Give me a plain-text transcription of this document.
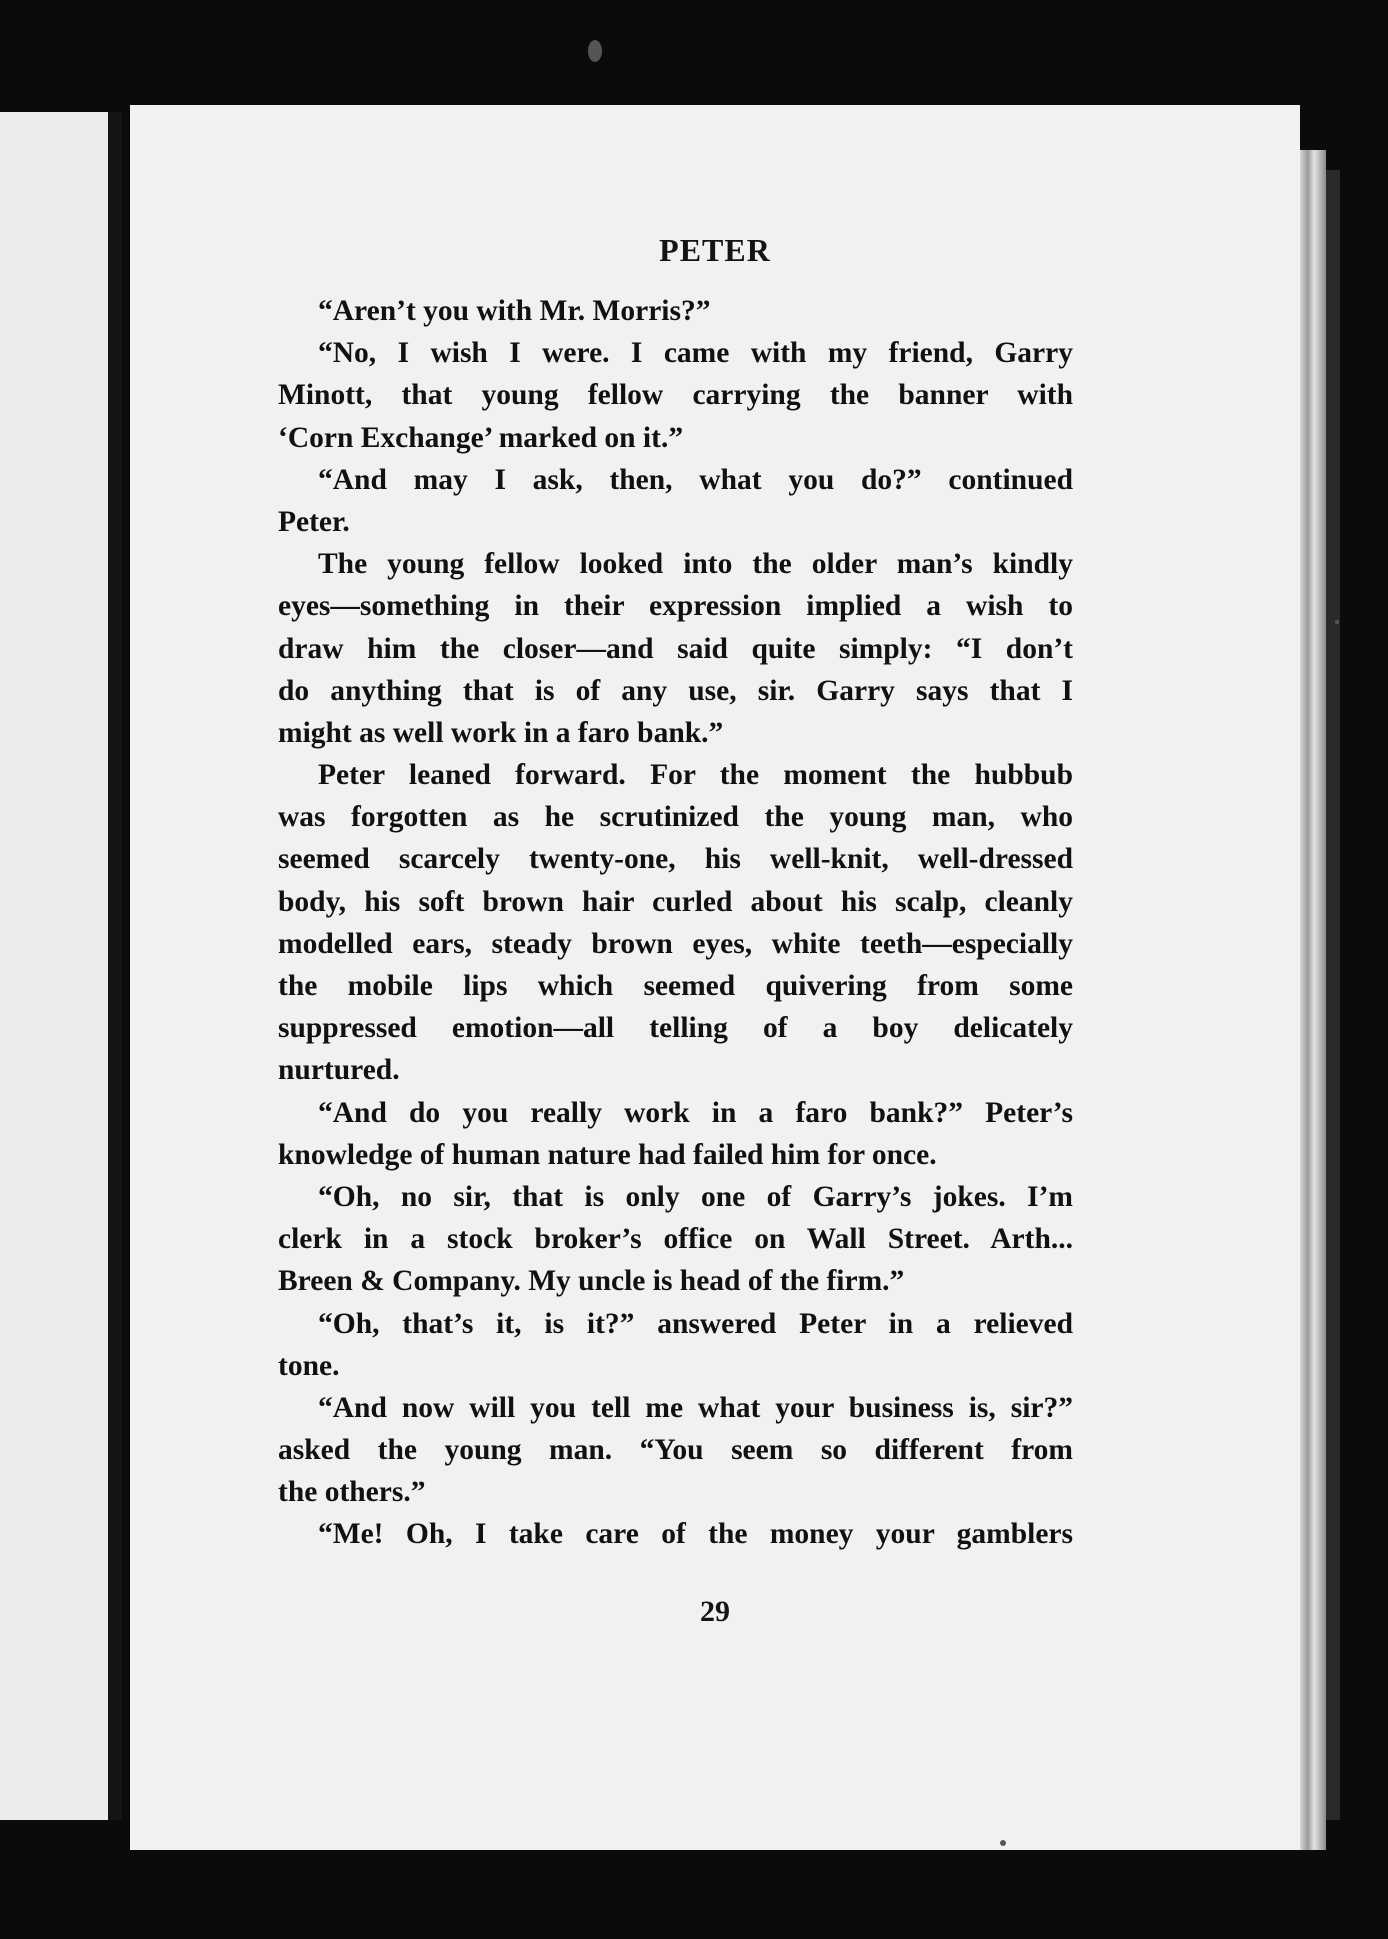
PETER
“Aren’t you with Mr. Morris?”
“No, I wish I were. I came with my friend, Garry
Minott, that young fellow carrying the banner with
‘Corn Exchange’ marked on it.”
“And may I ask, then, what you do?” continued
Peter.
The young fellow looked into the older man’s kindly
eyes—something in their expression implied a wish to
draw him the closer—and said quite simply: “I don’t
do anything that is of any use, sir. Garry says that I
might as well work in a faro bank.”
Peter leaned forward. For the moment the hubbub
was forgotten as he scrutinized the young man, who
seemed scarcely twenty-one, his well-knit, well-dressed
body, his soft brown hair curled about his scalp, cleanly
modelled ears, steady brown eyes, white teeth—especially
the mobile lips which seemed quivering from some
suppressed emotion—all telling of a boy delicately
nurtured.
“And do you really work in a faro bank?” Peter’s
knowledge of human nature had failed him for once.
“Oh, no sir, that is only one of Garry’s jokes. I’m
clerk in a stock broker’s office on Wall Street. Arth...
Breen & Company. My uncle is head of the firm.”
“Oh, that’s it, is it?” answered Peter in a relieved
tone.
“And now will you tell me what your business is, sir?”
asked the young man. “You seem so different from
the others.”
“Me! Oh, I take care of the money your gamblers
29
